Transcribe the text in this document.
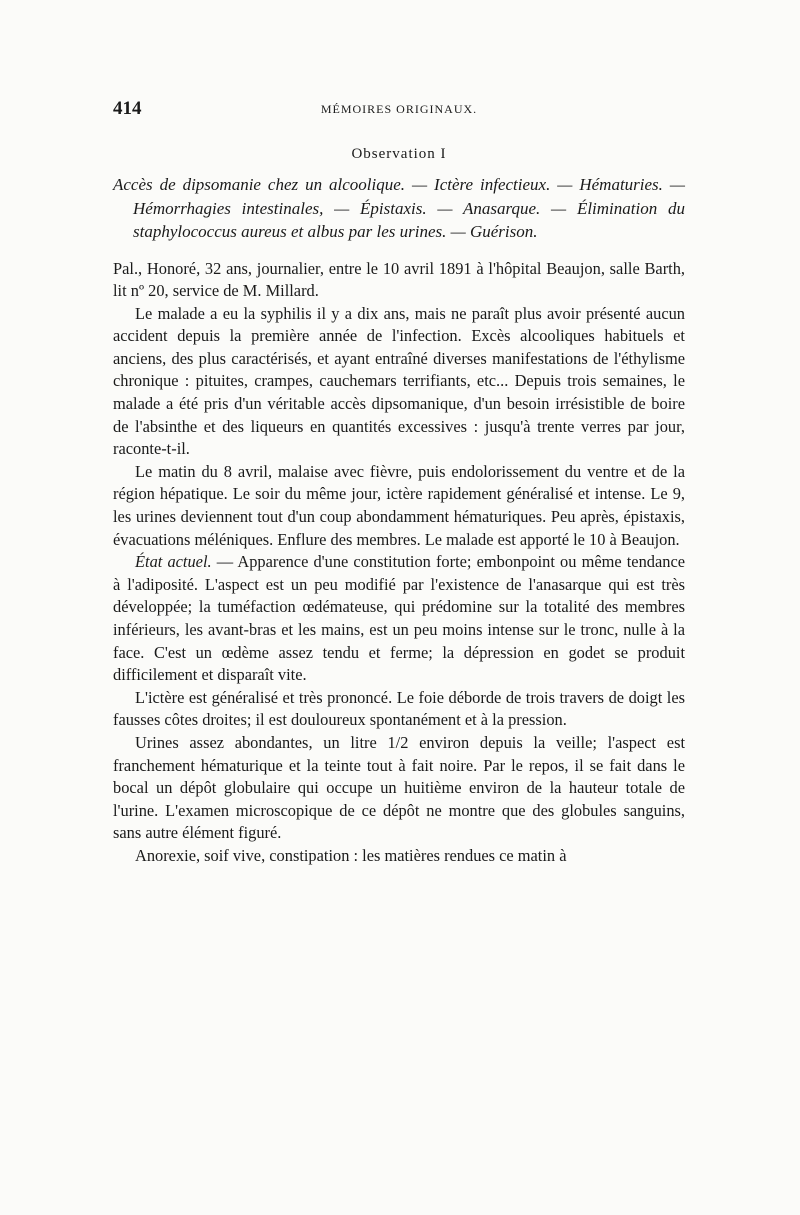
414	MÉMOIRES ORIGINAUX.
Observation I

Accès de dipsomanie chez un alcoolique. — Ictère infectieux. — Hématuries. — Hémorrhagies intestinales, — Épistaxis. — Anasarque. — Élimination du staphylococcus aureus et albus par les urines. — Guérison.

Pal., Honoré, 32 ans, journalier, entre le 10 avril 1891 à l'hôpital Beaujon, salle Barth, lit nº 20, service de M. Millard.

Le malade a eu la syphilis il y a dix ans, mais ne paraît plus avoir présenté aucun accident depuis la première année de l'infection. Excès alcooliques habituels et anciens, des plus caractérisés, et ayant entraîné diverses manifestations de l'éthylisme chronique : pituites, crampes, cauchemars terrifiants, etc... Depuis trois semaines, le malade a été pris d'un véritable accès dipsomanique, d'un besoin irrésistible de boire de l'absinthe et des liqueurs en quantités excessives : jusqu'à trente verres par jour, raconte-t-il.

Le matin du 8 avril, malaise avec fièvre, puis endolorissement du ventre et de la région hépatique. Le soir du même jour, ictère rapidement généralisé et intense. Le 9, les urines deviennent tout d'un coup abondamment hématuriques. Peu après, épistaxis, évacuations méléniques. Enflure des membres. Le malade est apporté le 10 à Beaujon.

État actuel. — Apparence d'une constitution forte; embonpoint ou même tendance à l'adiposité. L'aspect est un peu modifié par l'existence de l'anasarque qui est très développée; la tuméfaction œdémateuse, qui prédomine sur la totalité des membres inférieurs, les avant-bras et les mains, est un peu moins intense sur le tronc, nulle à la face. C'est un œdème assez tendu et ferme; la dépression en godet se produit difficilement et disparaît vite.

L'ictère est généralisé et très prononcé. Le foie déborde de trois travers de doigt les fausses côtes droites; il est douloureux spontanément et à la pression.

Urines assez abondantes, un litre 1/2 environ depuis la veille; l'aspect est franchement hématurique et la teinte tout à fait noire. Par le repos, il se fait dans le bocal un dépôt globulaire qui occupe un huitième environ de la hauteur totale de l'urine. L'examen microscopique de ce dépôt ne montre que des globules sanguins, sans autre élément figuré.

Anorexie, soif vive, constipation : les matières rendues ce matin à
